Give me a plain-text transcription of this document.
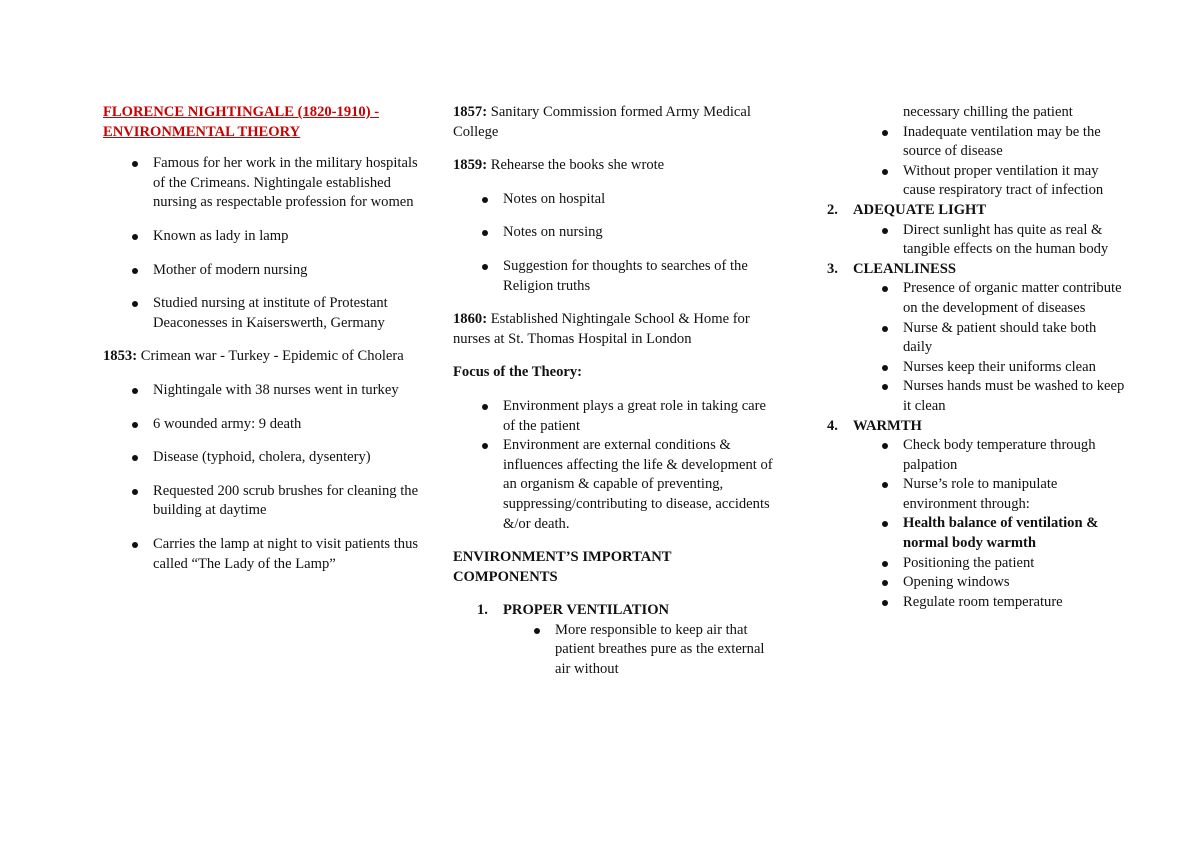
FLORENCE NIGHTINGALE (1820-1910) -ENVIRONMENTAL THEORY

Famous for her work in the military hospitals of the Crimeans. Nightingale established nursing as respectable profession for women
Known as lady in lamp
Mother of modern nursing
Studied nursing at institute of Protestant Deaconesses in Kaiserswerth, Germany

1853: Crimean war - Turkey - Epidemic of Cholera

Nightingale with 38 nurses went in turkey
6 wounded army: 9 death
Disease (typhoid, cholera, dysentery)
Requested 200 scrub brushes for cleaning the building at daytime
Carries the lamp at night to visit patients thus called “The Lady of the Lamp”

1857: Sanitary Commission formed Army Medical College

1859: Rehearse the books she wrote

Notes on hospital
Notes on nursing
Suggestion for thoughts to searches of the Religion truths

1860: Established Nightingale School & Home for nurses at St. Thomas Hospital in London

Focus of the Theory:

Environment plays a great role in taking care of the patient
Environment are external conditions & influences affecting the life & development of an organism & capable of preventing, suppressing/contributing to disease, accidents &/or death.

ENVIRONMENT’S IMPORTANT COMPONENTS

1. PROPER VENTILATION
More responsible to keep air that patient breathes pure as the external air without

necessary chilling the patient

Inadequate ventilation may be the source of disease
Without proper ventilation it may cause respiratory tract of infection
2. ADEQUATE LIGHT
Direct sunlight has quite as real & tangible effects on the human body
3. CLEANLINESS
Presence of organic matter contribute on the development of diseases
Nurse & patient should take both daily
Nurses keep their uniforms clean
Nurses hands must be washed to keep it clean
4. WARMTH
Check body temperature through palpation
Nurse’s role to manipulate environment through:
Health balance of ventilation & normal body warmth
Positioning the patient
Opening windows
Regulate room temperature
